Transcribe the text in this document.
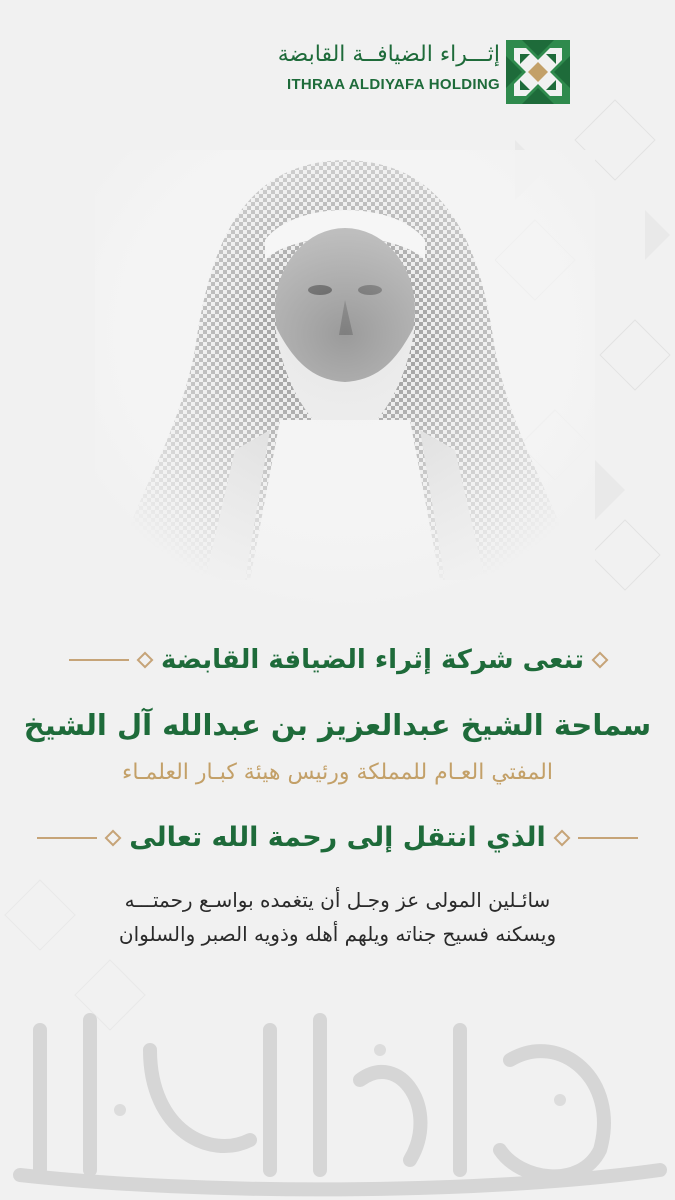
إثـــراء الضيافــة القابضة
ITHRAA ALDIYAFA HOLDING
تنعى شركة إثراء الضيافة القابضة
سماحة الشيخ عبدالعزيز بن عبدالله آل الشيخ
المفتي العـام للمملكة ورئيس هيئة كبـار العلمـاء
الذي انتقل إلى رحمة الله تعالى
سائـلين المولى عز وجـل أن يتغمده بواسـع رحمتـــه
ويسكنه فسيح جناته ويلهم أهله وذويه الصبر والسلوان
